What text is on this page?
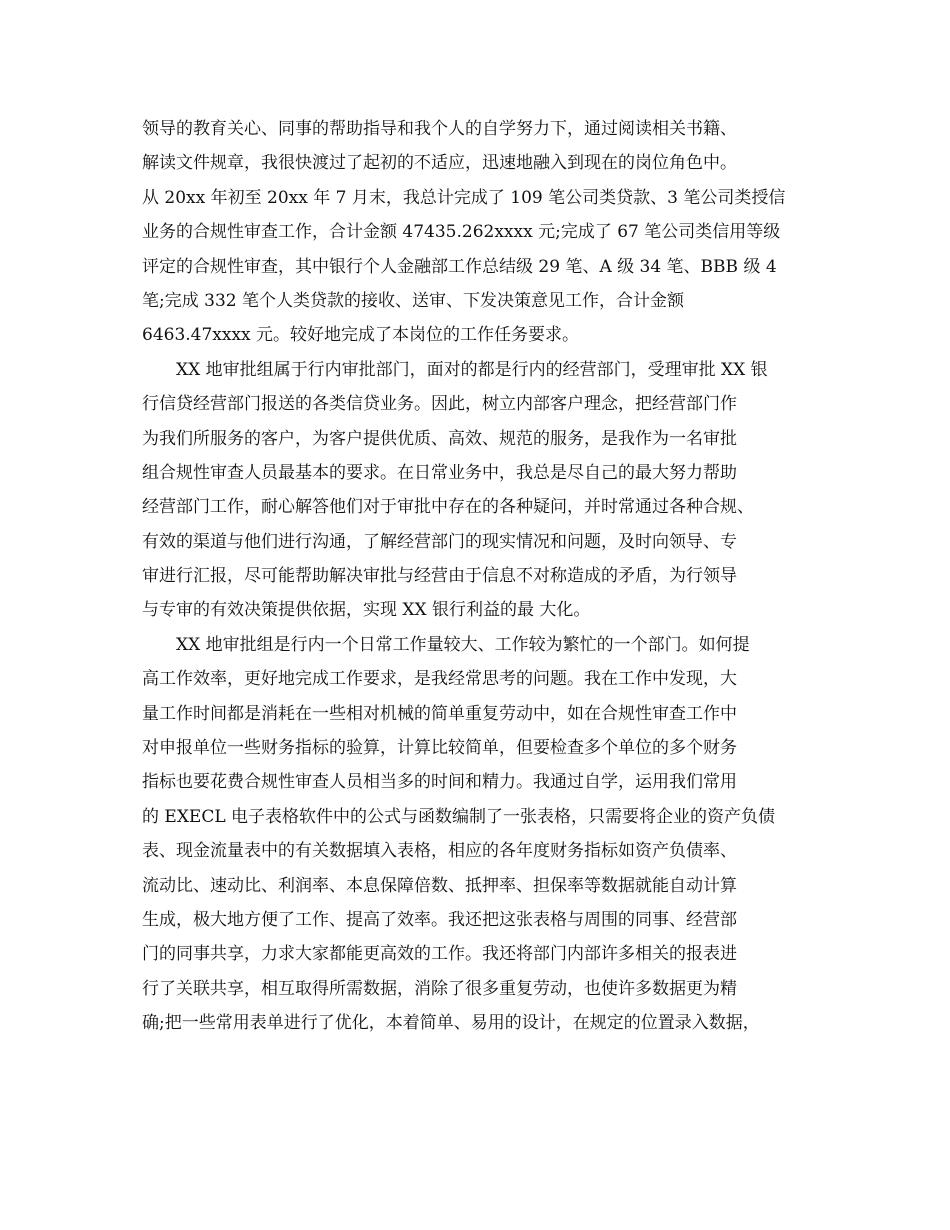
领导的教育关心、同事的帮助指导和我个人的自学努力下，通过阅读相关书籍、
解读文件规章，我很快渡过了起初的不适应，迅速地融入到现在的岗位角色中。
从 20xx 年初至 20xx 年 7 月末，我总计完成了 109 笔公司类贷款、3 笔公司类授信
业务的合规性审查工作，合计金额 47435.262xxxx 元;完成了 67 笔公司类信用等级
评定的合规性审查，其中银行个人金融部工作总结级 29 笔、A 级 34 笔、BBB 级 4
笔;完成 332 笔个人类贷款的接收、送审、下发决策意见工作，合计金额
6463.47xxxx 元。较好地完成了本岗位的工作任务要求。
XX 地审批组属于行内审批部门，面对的都是行内的经营部门，受理审批 XX 银
行信贷经营部门报送的各类信贷业务。因此，树立内部客户理念，把经营部门作
为我们所服务的客户，为客户提供优质、高效、规范的服务，是我作为一名审批
组合规性审查人员最基本的要求。在日常业务中，我总是尽自己的最大努力帮助
经营部门工作，耐心解答他们对于审批中存在的各种疑问，并时常通过各种合规、
有效的渠道与他们进行沟通，了解经营部门的现实情况和问题，及时向领导、专
审进行汇报，尽可能帮助解决审批与经营由于信息不对称造成的矛盾，为行领导
与专审的有效决策提供依据，实现 XX 银行利益的最 大化。
XX 地审批组是行内一个日常工作量较大、工作较为繁忙的一个部门。如何提
高工作效率，更好地完成工作要求，是我经常思考的问题。我在工作中发现，大
量工作时间都是消耗在一些相对机械的简单重复劳动中，如在合规性审查工作中
对申报单位一些财务指标的验算，计算比较简单，但要检查多个单位的多个财务
指标也要花费合规性审查人员相当多的时间和精力。我通过自学，运用我们常用
的 EXECL 电子表格软件中的公式与函数编制了一张表格，只需要将企业的资产负债
表、现金流量表中的有关数据填入表格，相应的各年度财务指标如资产负债率、
流动比、速动比、利润率、本息保障倍数、抵押率、担保率等数据就能自动计算
生成，极大地方便了工作、提高了效率。我还把这张表格与周围的同事、经营部
门的同事共享，力求大家都能更高效的工作。我还将部门内部许多相关的报表进
行了关联共享，相互取得所需数据，消除了很多重复劳动，也使许多数据更为精
确;把一些常用表单进行了优化，本着简单、易用的设计，在规定的位置录入数据，
